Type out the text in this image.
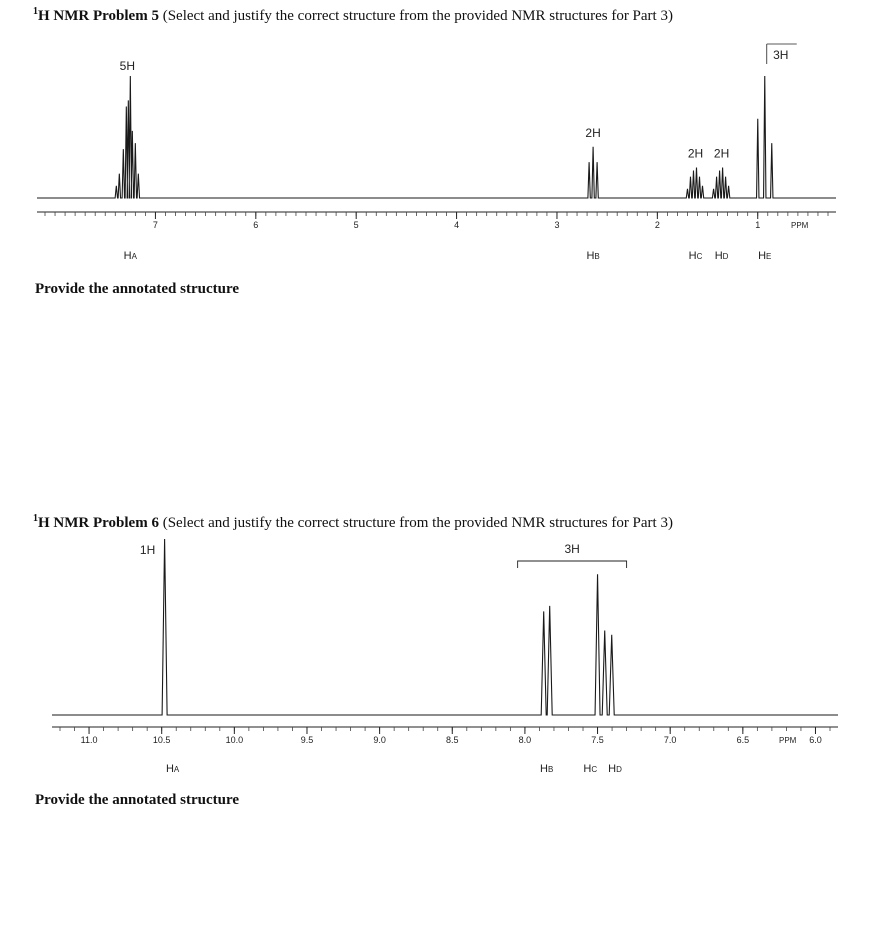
$^1$H NMR Problem 5 (Select and justify the correct structure from the provided NMR structures for Part 3)
7	6	5	4	3	2	1	PPM
5H
HA
2H
HB
2H
HC
2H
HD
3H
HE
Provide the annotated structure
$^1$H NMR Problem 6 (Select and justify the correct structure from the provided NMR structures for Part 3)
11.0	10.5	10.0	9.5	9.0	8.5	8.0	7.5	7.0	6.5	6.0
PPM
1H
HA
3H
HB	HC HD
Provide the annotated structure
